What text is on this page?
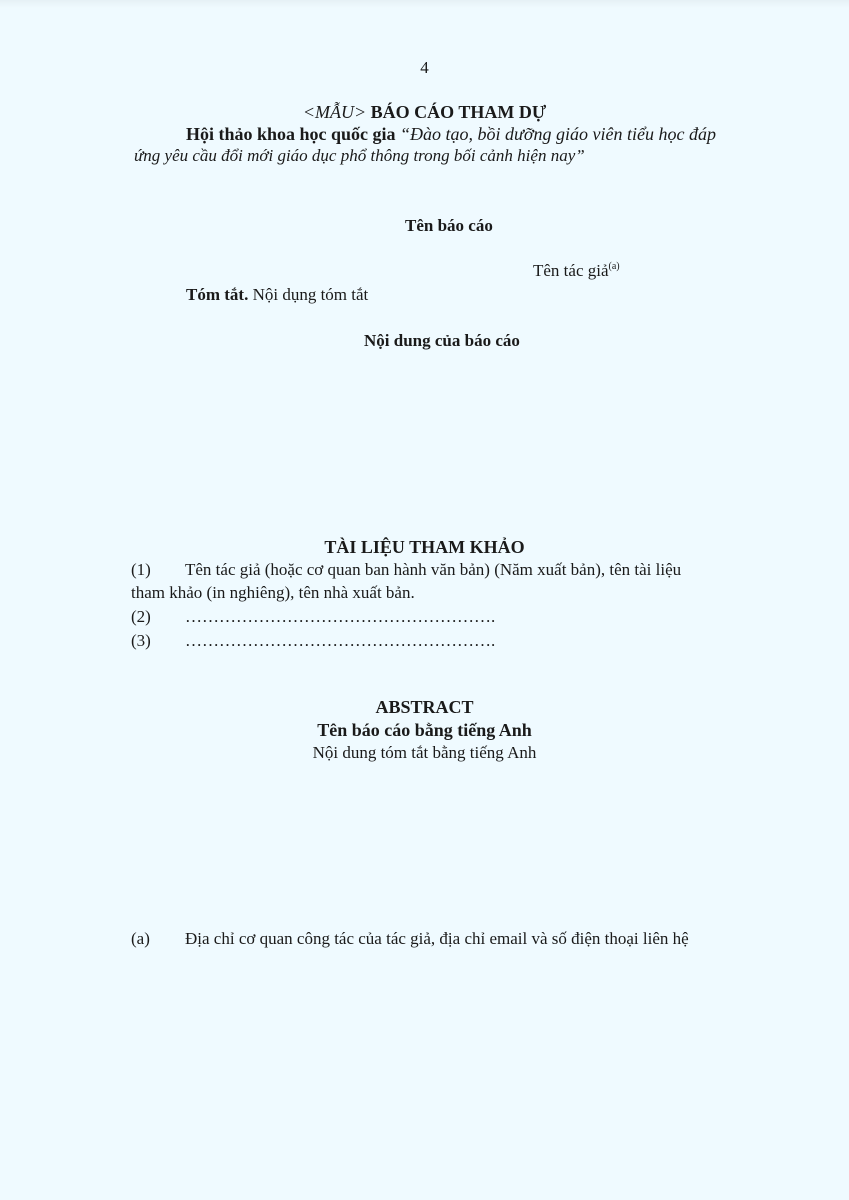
4
<MẪU> BÁO CÁO THAM DỰ
Hội thảo khoa học quốc gia “Đào tạo, bồi dưỡng giáo viên tiểu học đáp
ứng yêu cầu đổi mới giáo dục phổ thông trong bối cảnh hiện nay”
Tên báo cáo
Tên tác giả$^{(a)}$
Tóm tắt. Nội dụng tóm tắt
Nội dung của báo cáo
TÀI LIỆU THAM KHẢO
(1) Tên tác giả (hoặc cơ quan ban hành văn bản) (Năm xuất bản), tên tài liệu
tham khảo (in nghiêng), tên nhà xuất bản.
(2) ……………………………………………….
(3) ……………………………………………….
ABSTRACT
Tên báo cáo bằng tiếng Anh
Nội dung tóm tắt bằng tiếng Anh
(a) Địa chỉ cơ quan công tác của tác giả, địa chỉ email và số điện thoại liên hệ
